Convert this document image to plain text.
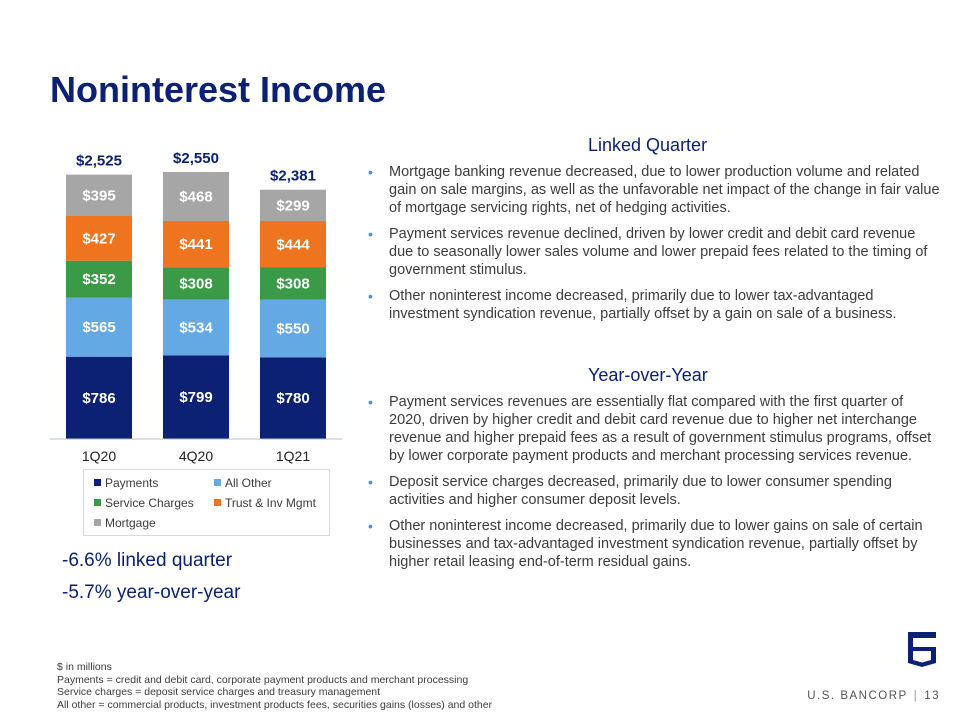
Noninterest Income
$786
$565
$352
$427
$395
$2,525
1Q20
$799
$534
$308
$441
$468
$2,550
4Q20
$780
$550
$308
$444
$299
$2,381
1Q21
Payments	All Other
Service Charges	Trust & Inv Mgmt
Mortgage
-6.6% linked quarter
-5.7% year-over-year
Linked Quarter
• Mortgage banking revenue decreased, due to lower production volume and related gain on sale margins, as well as the unfavorable net impact of the change in fair value of mortgage servicing rights, net of hedging activities.
• Payment services revenue declined, driven by lower credit and debit card revenue due to seasonally lower sales volume and lower prepaid fees related to the timing of government stimulus.
• Other noninterest income decreased, primarily due to lower tax-advantaged investment syndication revenue, partially offset by a gain on sale of a business.
Year-over-Year
• Payment services revenues are essentially flat compared with the first quarter of 2020, driven by higher credit and debit card revenue due to higher net interchange revenue and higher prepaid fees as a result of government stimulus programs, offset by lower corporate payment products and merchant processing services revenue.
• Deposit service charges decreased, primarily due to lower consumer spending activities and higher consumer deposit levels.
• Other noninterest income decreased, primarily due to lower gains on sale of certain businesses and tax-advantaged investment syndication revenue, partially offset by higher retail leasing end-of-term residual gains.
$ in millions
Payments = credit and debit card, corporate payment products and merchant processing
Service charges = deposit service charges and treasury management
All other = commercial products, investment products fees, securities gains (losses) and other
U.S. BANCORP | 13
